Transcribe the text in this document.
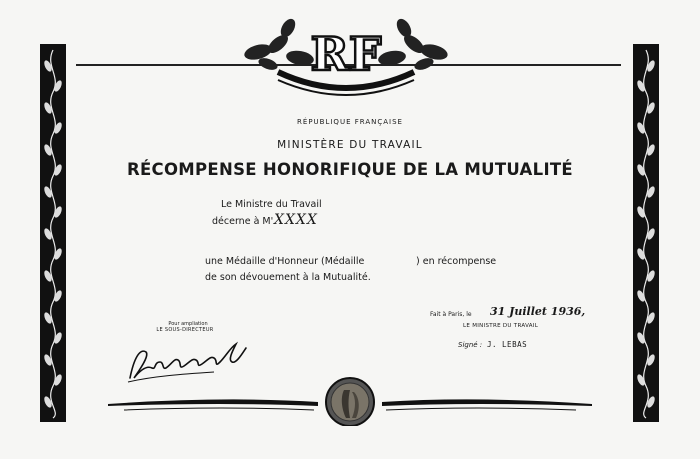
RF
RÉPUBLIQUE FRANÇAISE
MINISTÈRE DU TRAVAIL
RÉCOMPENSE HONORIFIQUE DE LA MUTUALITÉ
Le Ministre du Travail
décerne à M'.
XXXX
une Médaille d'Honneur (Médaille	) en récompense
de son dévouement à la Mutualité.
Fait à Paris, le 31 Juillet 1936,
LE MINISTRE DU TRAVAIL
Signé : J. LEBAS
Pour ampliation
LE SOUS-DIRECTEUR
